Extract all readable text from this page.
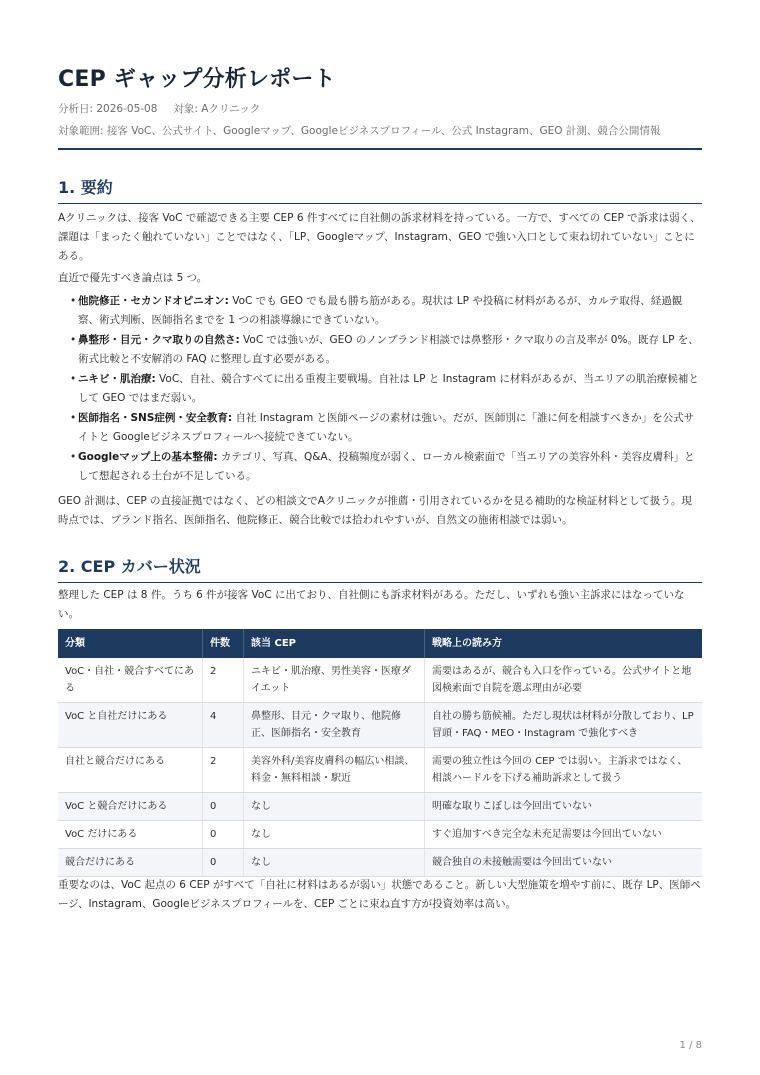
CEP ギャップ分析レポート
分析日: 2026-05-08 対象: Aクリニック
対象範囲: 接客 VoC、公式サイト、Googleマップ、Googleビジネスプロフィール、公式 Instagram、GEO 計測、競合公開情報
1. 要約

Aクリニックは、接客 VoC で確認できる主要 CEP 6 件すべてに自社側の訴求材料を持っている。一方で、すべての CEP で訴求は弱く、課題は「まったく触れていない」ことではなく、「LP、Googleマップ、Instagram、GEO で強い入口として束ね切れていない」ことにある。

直近で優先すべき論点は 5 つ。

• 他院修正・セカンドオピニオン: VoC でも GEO でも最も勝ち筋がある。現状は LP や投稿に材料があるが、カルテ取得、経過観察、術式判断、医師指名までを 1 つの相談導線にできていない。
• 鼻整形・目元・クマ取りの自然さ: VoC では強いが、GEO のノンブランド相談では鼻整形・クマ取りの言及率が 0%。既存 LP を、術式比較と不安解消の FAQ に整理し直す必要がある。
• ニキビ・肌治療: VoC、自社、競合すべてに出る重複主要戦場。自社は LP と Instagram に材料があるが、当エリアの肌治療候補として GEO ではまだ弱い。
• 医師指名・SNS症例・安全教育: 自社 Instagram と医師ページの素材は強い。だが、医師別に「誰に何を相談すべきか」を公式サイトと Googleビジネスプロフィールへ接続できていない。
• Googleマップ上の基本整備: カテゴリ、写真、Q&A、投稿頻度が弱く、ローカル検索面で「当エリアの美容外科・美容皮膚科」として想起される土台が不足している。

GEO 計測は、CEP の直接証拠ではなく、どの相談文でAクリニックが推薦・引用されているかを見る補助的な検証材料として扱う。現時点では、ブランド指名、医師指名、他院修正、競合比較では拾われやすいが、自然文の施術相談では弱い。

2. CEP カバー状況

整理した CEP は 8 件。うち 6 件が接客 VoC に出ており、自社側にも訴求材料がある。ただし、いずれも強い主訴求にはなっていない。

分類	件数	該当 CEP	戦略上の読み方
VoC・自社・競合すべてにある	2	ニキビ・肌治療、男性美容・医療ダイエット	需要はあるが、競合も入口を作っている。公式サイトと地図検索面で自院を選ぶ理由が必要
VoC と自社だけにある	4	鼻整形、目元・クマ取り、他院修正、医師指名・安全教育	自社の勝ち筋候補。ただし現状は材料が分散しており、LP 冒頭・FAQ・MEO・Instagram で強化すべき
自社と競合だけにある	2	美容外科/美容皮膚科の幅広い相談、料金・無料相談・駅近	需要の独立性は今回の CEP では弱い。主訴求ではなく、相談ハードルを下げる補助訴求として扱う
VoC と競合だけにある	0	なし	明確な取りこぼしは今回出ていない
VoC だけにある	0	なし	すぐ追加すべき完全な未充足需要は今回出ていない
競合だけにある	0	なし	競合独自の未接触需要は今回出ていない

重要なのは、VoC 起点の 6 CEP がすべて「自社に材料はあるが弱い」状態であること。新しい大型施策を増やす前に、既存 LP、医師ページ、Instagram、Googleビジネスプロフィールを、CEP ごとに束ね直す方が投資効率は高い。

1 / 8
